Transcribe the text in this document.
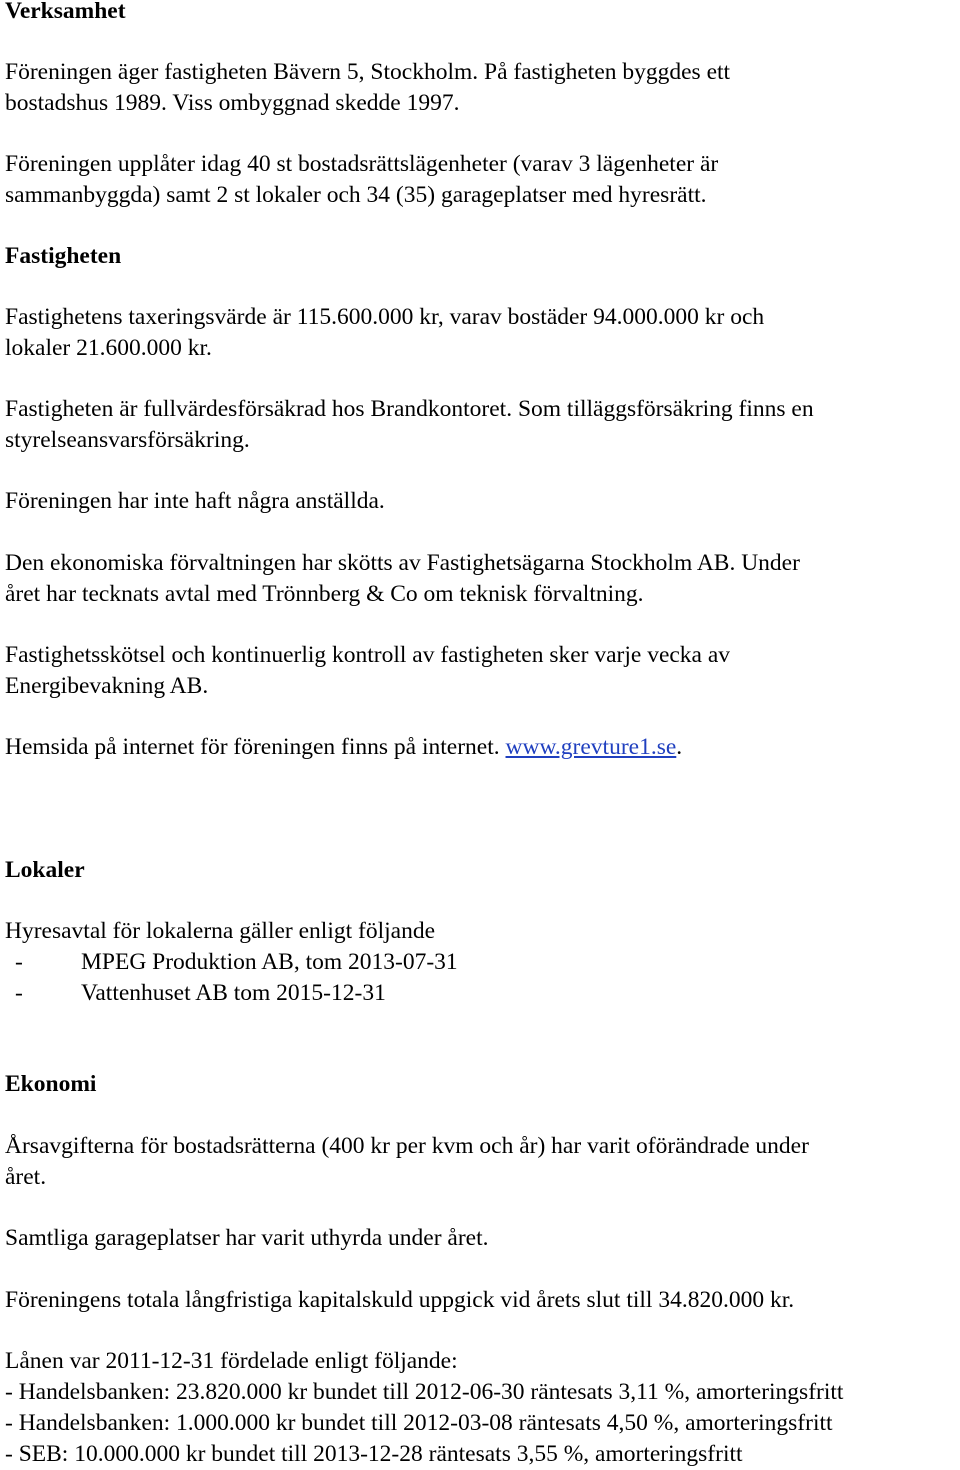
Verksamhet
Föreningen äger fastigheten Bävern 5, Stockholm. På fastigheten byggdes ett
bostadshus 1989. Viss ombyggnad skedde 1997.
Föreningen upplåter idag 40 st bostadsrättslägenheter (varav 3 lägenheter är
sammanbyggda) samt 2 st lokaler och 34 (35) garageplatser med hyresrätt.
Fastigheten
Fastighetens taxeringsvärde är 115.600.000 kr, varav bostäder 94.000.000 kr och
lokaler 21.600.000 kr.
Fastigheten är fullvärdesförsäkrad hos Brandkontoret. Som tilläggsförsäkring finns en
styrelseansvarsförsäkring.
Föreningen har inte haft några anställda.
Den ekonomiska förvaltningen har skötts av Fastighetsägarna Stockholm AB. Under
året har tecknats avtal med Trönnberg & Co om teknisk förvaltning.
Fastighetsskötsel och kontinuerlig kontroll av fastigheten sker varje vecka av
Energibevakning AB.
Hemsida på internet för föreningen finns på internet. www.grevture1.se.
Lokaler
Hyresavtal för lokalerna gäller enligt följande
- MPEG Produktion AB, tom 2013-07-31
- Vattenhuset AB tom 2015-12-31
Ekonomi
Årsavgifterna för bostadsrätterna (400 kr per kvm och år) har varit oförändrade under
året.
Samtliga garageplatser har varit uthyrda under året.
Föreningens totala långfristiga kapitalskuld uppgick vid årets slut till 34.820.000 kr.
Lånen var 2011-12-31 fördelade enligt följande:
- Handelsbanken: 23.820.000 kr bundet till 2012-06-30 räntesats 3,11 %, amorteringsfritt
- Handelsbanken: 1.000.000 kr bundet till 2012-03-08 räntesats 4,50 %, amorteringsfritt
- SEB: 10.000.000 kr bundet till 2013-12-28 räntesats 3,55 %, amorteringsfritt
